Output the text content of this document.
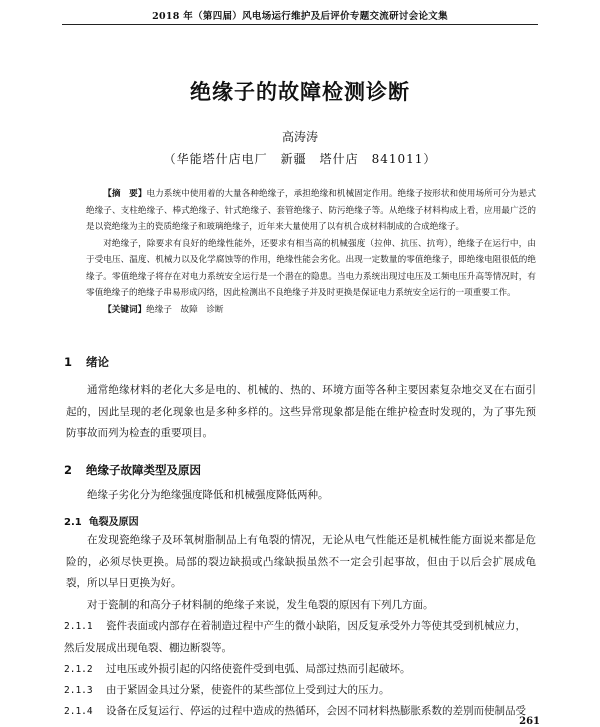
2018 年（第四届）风电场运行维护及后评价专题交流研讨会论文集
绝缘子的故障检测诊断
高涛涛
（华能塔什店电厂　新疆　塔什店　841011）

【摘　要】电力系统中使用着的大量各种绝缘子，承担绝缘和机械固定作用。绝缘子按形状和使用场所可分为悬式绝缘子、支柱绝缘子、棒式绝缘子、针式绝缘子、套管绝缘子、防污绝缘子等。从绝缘子材料构成上看，应用最广泛的是以瓷绝缘为主的瓷质绝缘子和玻璃绝缘子，近年来大量使用了以有机合成材料制成的合成绝缘子。

对绝缘子，除要求有良好的绝缘性能外，还要求有相当高的机械强度（拉伸、抗压、抗弯），绝缘子在运行中，由于受电压、温度、机械力以及化学腐蚀等的作用，绝缘性能会劣化。出现一定数量的零值绝缘子，即绝缘电阻很低的绝缘子。零值绝缘子将存在对电力系统安全运行是一个潜在的隐患。当电力系统出现过电压及工频电压升高等情况时，有零值绝缘子的绝缘子串易形成闪络，因此检测出不良绝缘子并及时更换是保证电力系统安全运行的一项重要工作。

【关键词】绝缘子　故障　诊断

1 绪论

通常绝缘材料的老化大多是电的、机械的、热的、环境方面等各种主要因素复杂地交叉在右面引起的，因此呈现的老化现象也是多种多样的。这些异常现象都是能在维护检查时发现的，为了事先预防事故而列为检查的重要项目。

2 绝缘子故障类型及原因

绝缘子劣化分为绝缘强度降低和机械强度降低两种。

2.1 龟裂及原因

在发现瓷绝缘子及环氧树脂制品上有龟裂的情况，无论从电气性能还是机械性能方面说来都是危险的，必须尽快更换。局部的裂边缺损或凸缘缺损虽然不一定会引起事故，但由于以后会扩展成龟裂，所以早日更换为好。

对于瓷制的和高分子材料制的绝缘子来说，发生龟裂的原因有下列几方面。

2.1.1 瓷件表面或内部存在着制造过程中产生的微小缺陷，因反复承受外力等使其受到机械应力，然后发展成出现龟裂、棚边断裂等。
2.1.2 过电压或外损引起的闪络使瓷件受到电弧、局部过热而引起破坏。
2.1.3 由于紧固金具过分紧，使瓷件的某些部位上受到过大的压力。
2.1.4 设备在反复运行、停运的过程中造成的热循环，会因不同材料热膨胀系数的差别而使制品受
261
